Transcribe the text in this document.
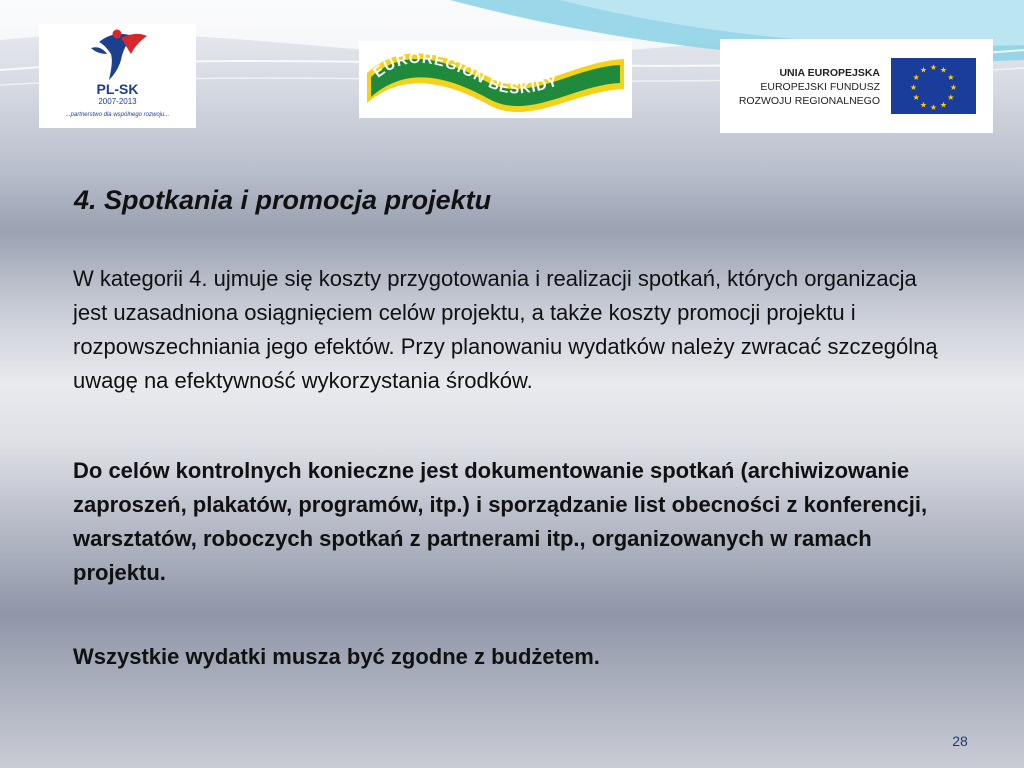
PL-SK
2007-2013
...partnerstwo dla wspólnego rozwoju...
EUROREGION BESKIDY	UNIA EUROPEJSKA
EUROPEJSKI FUNDUSZ
ROZWOJU REGIONALNEGO
★ ★
★
★
★
★
★
★
★
★
★
★
4. Spotkania i promocja projektu

W kategorii 4. ujmuje się koszty przygotowania i realizacji spotkań, których organizacja jest uzasadniona osiągnięciem celów projektu, a także koszty promocji projektu i rozpowszechniania jego efektów. Przy planowaniu wydatków należy zwracać szczególną uwagę na efektywność wykorzystania środków.

Do celów kontrolnych konieczne jest dokumentowanie spotkań (archiwizowanie zaproszeń, plakatów, programów, itp.) i sporządzanie list obecności z konferencji, warsztatów, roboczych spotkań z partnerami itp., organizowanych w ramach projektu.

Wszystkie wydatki musza być zgodne z budżetem.

28
